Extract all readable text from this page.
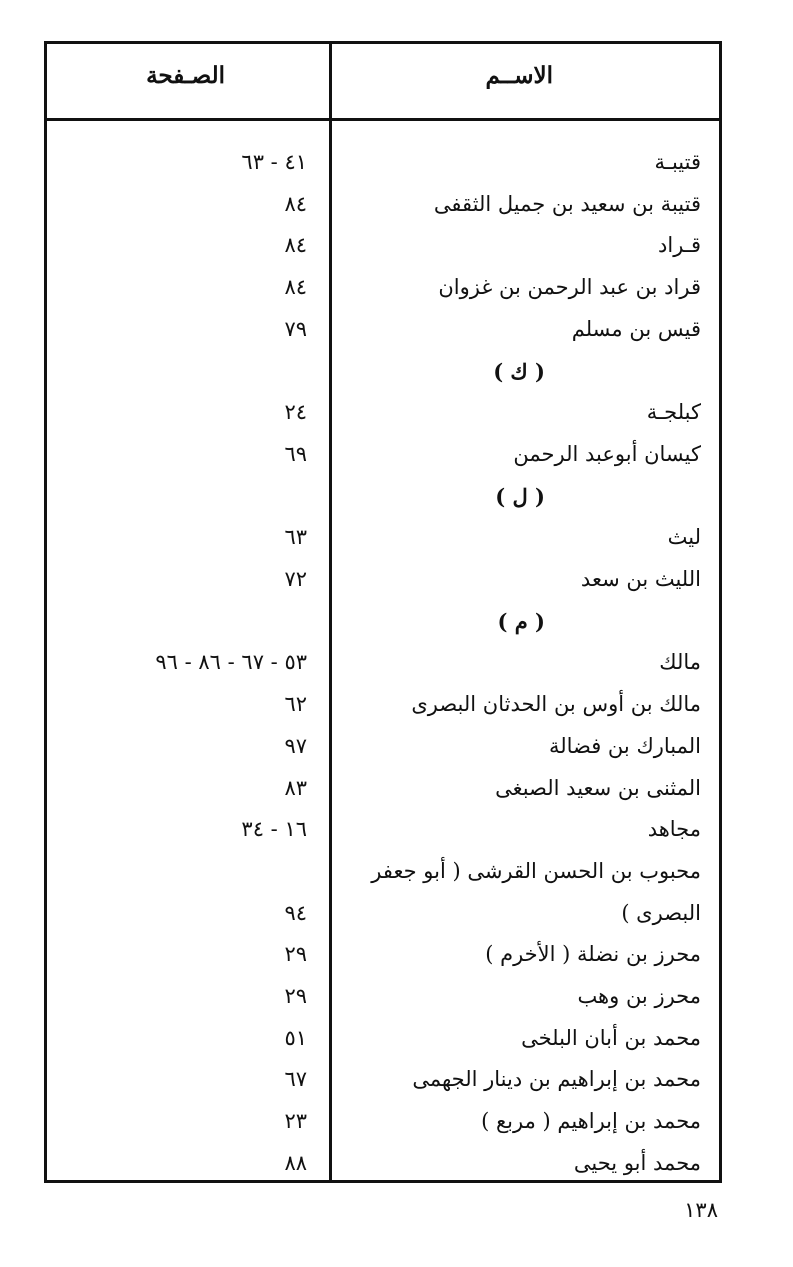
الاســم
الصـفحة
قتيبـة
٤١ - ٦٣
قتيبة بن سعيد بن جميل الثقفى
٨٤
قـراد
٨٤
قراد بن عبد الرحمن بن غزوان
٨٤
قيس بن مسلم
٧٩
( ك )
كبلجـة
٢٤
كيسان أبوعبد الرحمن
٦٩
( ل )
ليث
٦٣
الليث بن سعد
٧٢
( م )
مالك
٥٣ - ٦٧ - ٨٦ - ٩٦
مالك بن أوس بن الحدثان البصرى
٦٢
المبارك بن فضالة
٩٧
المثنى بن سعيد الصبغى
٨٣
مجاهد
١٦ - ٣٤
محبوب بن الحسن القرشى ( أبو جعفر
البصرى )
٩٤
محرز بن نضلة ( الأخرم )
٢٩
محرز بن وهب
٢٩
محمد بن أبان البلخى
٥١
محمد بن إبراهيم بن دينار الجهمى
٦٧
محمد بن إبراهيم ( مربع )
٢٣
محمد أبو يحيى
٨٨
١٣٨
